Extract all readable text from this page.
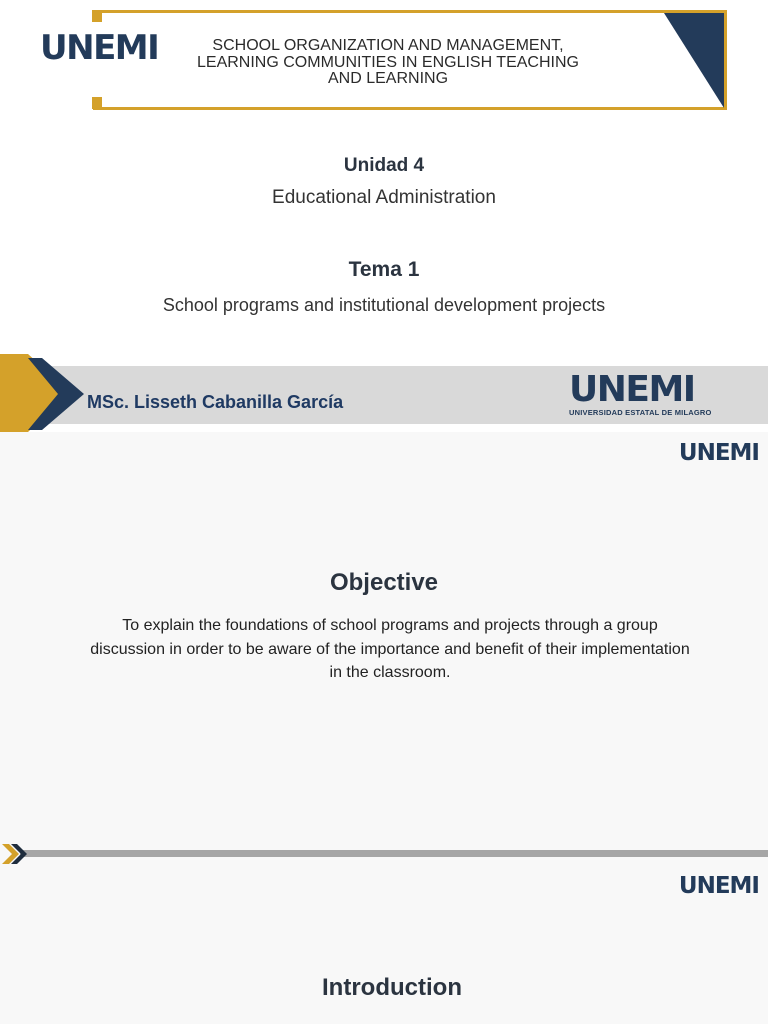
UNEMI	SCHOOL ORGANIZATION AND MANAGEMENT, LEARNING COMMUNITIES IN ENGLISH TEACHING AND LEARNING
Unidad 4
Educational Administration
Tema 1
School programs and institutional development projects
MSc. Lisseth Cabanilla García	UNEMI
UNIVERSIDAD ESTATAL DE MILAGRO
UNEMI
Objective
To explain the foundations of school programs and projects through a group discussion in order to be aware of the importance and benefit of their implementation in the classroom.
UNEMI
Introduction
